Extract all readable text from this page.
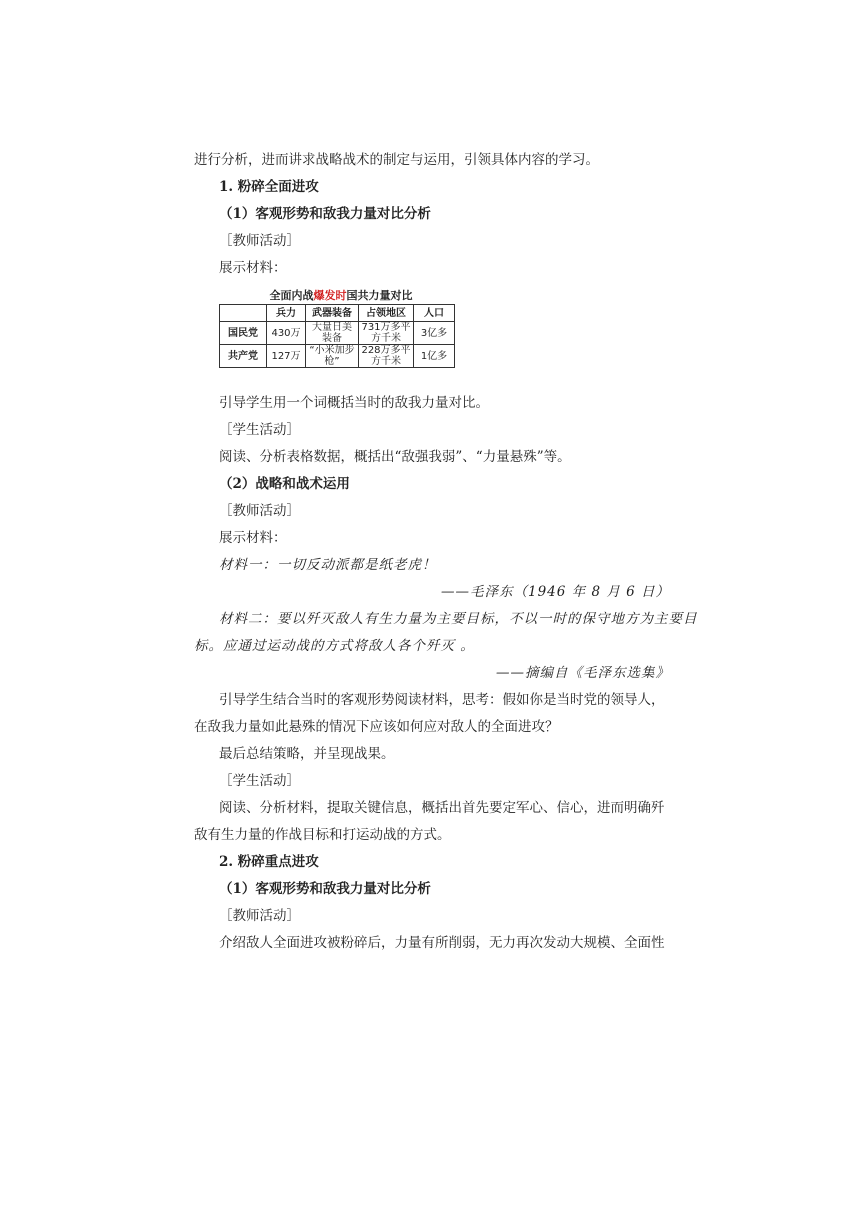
进行分析，进而讲求战略战术的制定与运用，引领具体内容的学习。
1. 粉碎全面进攻
（1）客观形势和敌我力量对比分析
［教师活动］
展示材料：
全面内战爆发时国共力量对比
	兵力	武器装备	占领地区	人口
国民党	430万	大量日美装备	731万多平方千米	3亿多
共产党	127万	“小米加步枪”	228万多平方千米	1亿多
引导学生用一个词概括当时的敌我力量对比。
［学生活动］
阅读、分析表格数据，概括出“敌强我弱”、“力量悬殊”等。
（2）战略和战术运用
［教师活动］
展示材料：
材料一：一切反动派都是纸老虎！
——毛泽东（1946 年 8 月 6 日）
材料二：要以歼灭敌人有生力量为主要目标，不以一时的保守地方为主要目
标。应通过运动战的方式将敌人各个歼灭 。
——摘编自《毛泽东选集》
引导学生结合当时的客观形势阅读材料，思考：假如你是当时党的领导人，
在敌我力量如此悬殊的情况下应该如何应对敌人的全面进攻？
最后总结策略，并呈现战果。
［学生活动］
阅读、分析材料，提取关键信息，概括出首先要定军心、信心，进而明确歼
敌有生力量的作战目标和打运动战的方式。
2. 粉碎重点进攻
（1）客观形势和敌我力量对比分析
［教师活动］
介绍敌人全面进攻被粉碎后，力量有所削弱，无力再次发动大规模、全面性
